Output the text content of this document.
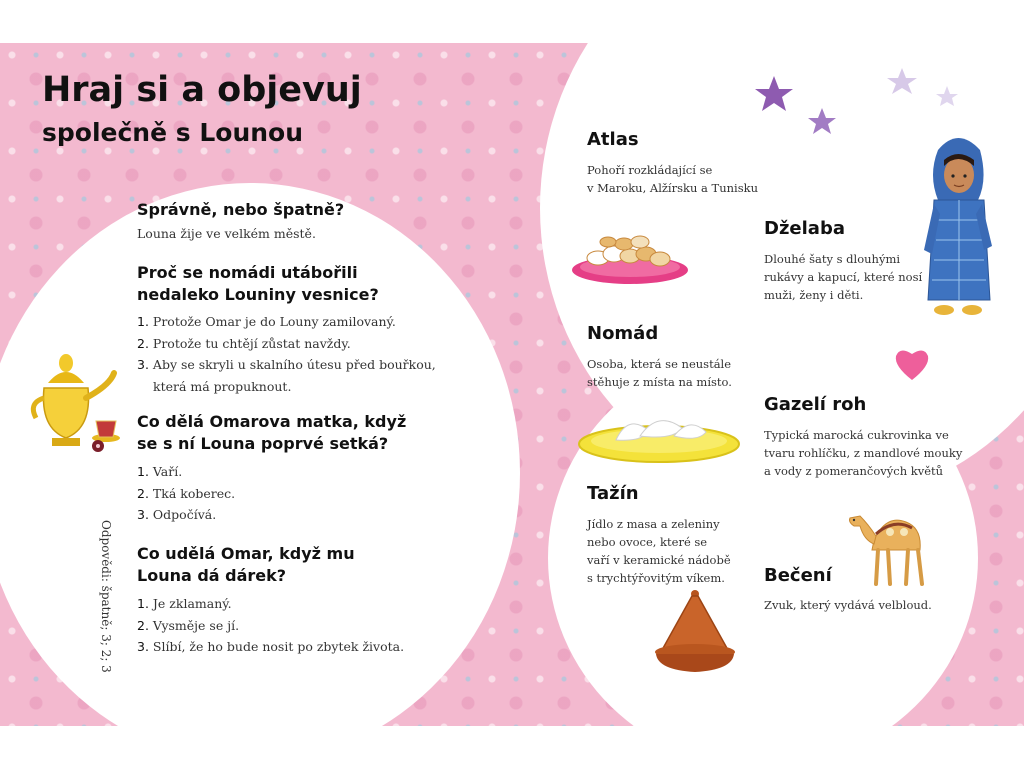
Hraj si a objevuj
společně s Lounou
Správně, nebo špatně?

Louna žije ve velkém městě.

Proč se nomádi utábořili
nedaleko Louniny vesnice?
1. Protože Omar je do Louny zamilovaný.
2. Protože tu chtějí zůstat navždy.
3. Aby se skryli u skalního útesu před bouřkou,
která má propuknout.
Co dělá Omarova matka, když
se s ní Louna poprvé setká?
1. Vaří.
2. Tká koberec.
3. Odpočívá.
Co udělá Omar, když mu
Louna dá dárek?
1. Je zklamaný.
2. Vysměje se jí.
3. Slíbí, že ho bude nosit po zbytek života.
Odpovědi: špatně; 3; 2; 3
Atlas

Pohoří rozkládající se
v Maroku, Alžírsku a Tunisku

Dželaba

Dlouhé šaty s dlouhými
rukávy a kapucí, které nosí
muži, ženy i děti.

Nomád

Osoba, která se neustále
stěhuje z místa na místo.

Gazelí roh

Typická marocká cukrovinka ve
tvaru rohlíčku, z mandlové mouky
a vody z pomerančových květů

Tažín

Jídlo z masa a zeleniny
nebo ovoce, které se
vaří v keramické nádobě
s trychtýřovitým víkem.	Bečení

Zvuk, který vydává velbloud.
